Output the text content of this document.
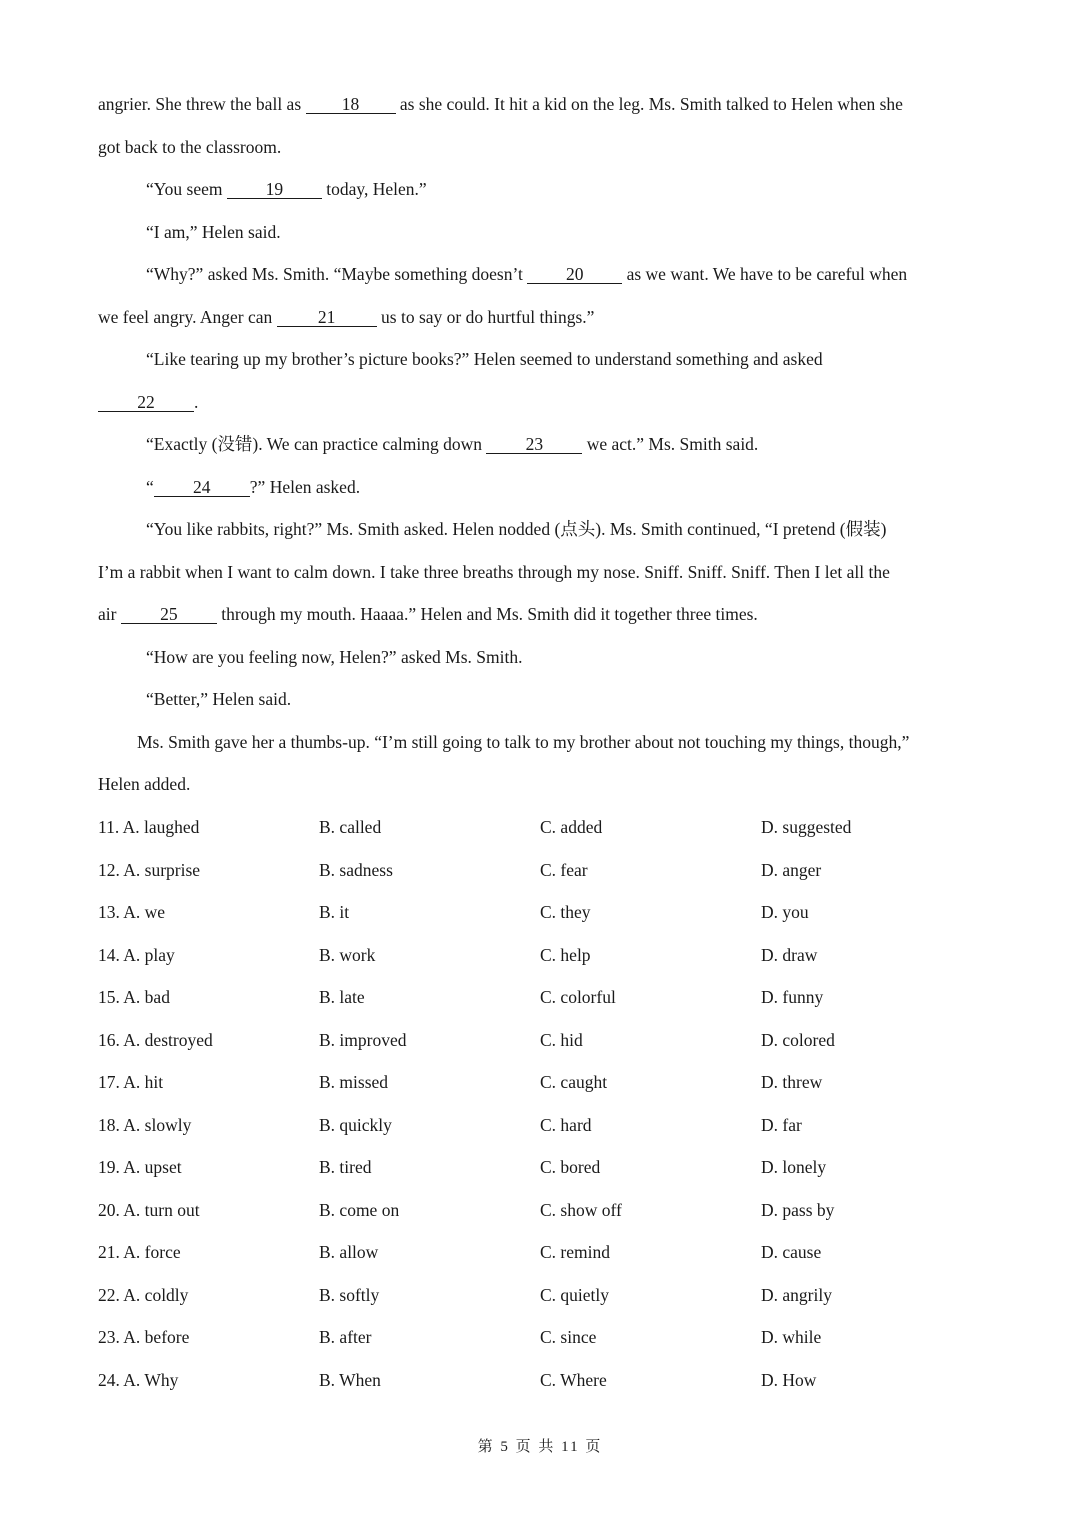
angrier. She threw the ball as 18 as she could. It hit a kid on the leg. Ms. Smith talked to Helen when she
got back to the classroom.
“You seem 19 today, Helen.”
“I am,” Helen said.
“Why?” asked Ms. Smith. “Maybe something doesn’t 20 as we want. We have to be careful when
we feel angry. Anger can 21 us to say or do hurtful things.”
“Like tearing up my brother’s picture books?” Helen seemed to understand something and asked
22 .
“Exactly (没错). We can practice calming down 23 we act.” Ms. Smith said.
“ 24 ?” Helen asked.
“You like rabbits, right?” Ms. Smith asked. Helen nodded (点头). Ms. Smith continued, “I pretend (假装)
I’m a rabbit when I want to calm down. I take three breaths through my nose. Sniff. Sniff. Sniff. Then I let all the
air 25 through my mouth. Haaaa.” Helen and Ms. Smith did it together three times.
“How are you feeling now, Helen?” asked Ms. Smith.
“Better,” Helen said.
Ms. Smith gave her a thumbs-up. “I’m still going to talk to my brother about not touching my things, though,”
Helen added.
11. A. laughed	B. called	C. added	D. suggested
12. A. surprise	B. sadness	C. fear	D. anger
13. A. we	B. it	C. they	D. you
14. A. play	B. work	C. help	D. draw
15. A. bad	B. late	C. colorful	D. funny
16. A. destroyed	B. improved	C. hid	D. colored
17. A. hit	B. missed	C. caught	D. threw
18. A. slowly	B. quickly	C. hard	D. far
19. A. upset	B. tired	C. bored	D. lonely
20. A. turn out	B. come on	C. show off	D. pass by
21. A. force	B. allow	C. remind	D. cause
22. A. coldly	B. softly	C. quietly	D. angrily
23. A. before	B. after	C. since	D. while
24. A. Why	B. When	C. Where	D. How
第 5 页 共 11 页
